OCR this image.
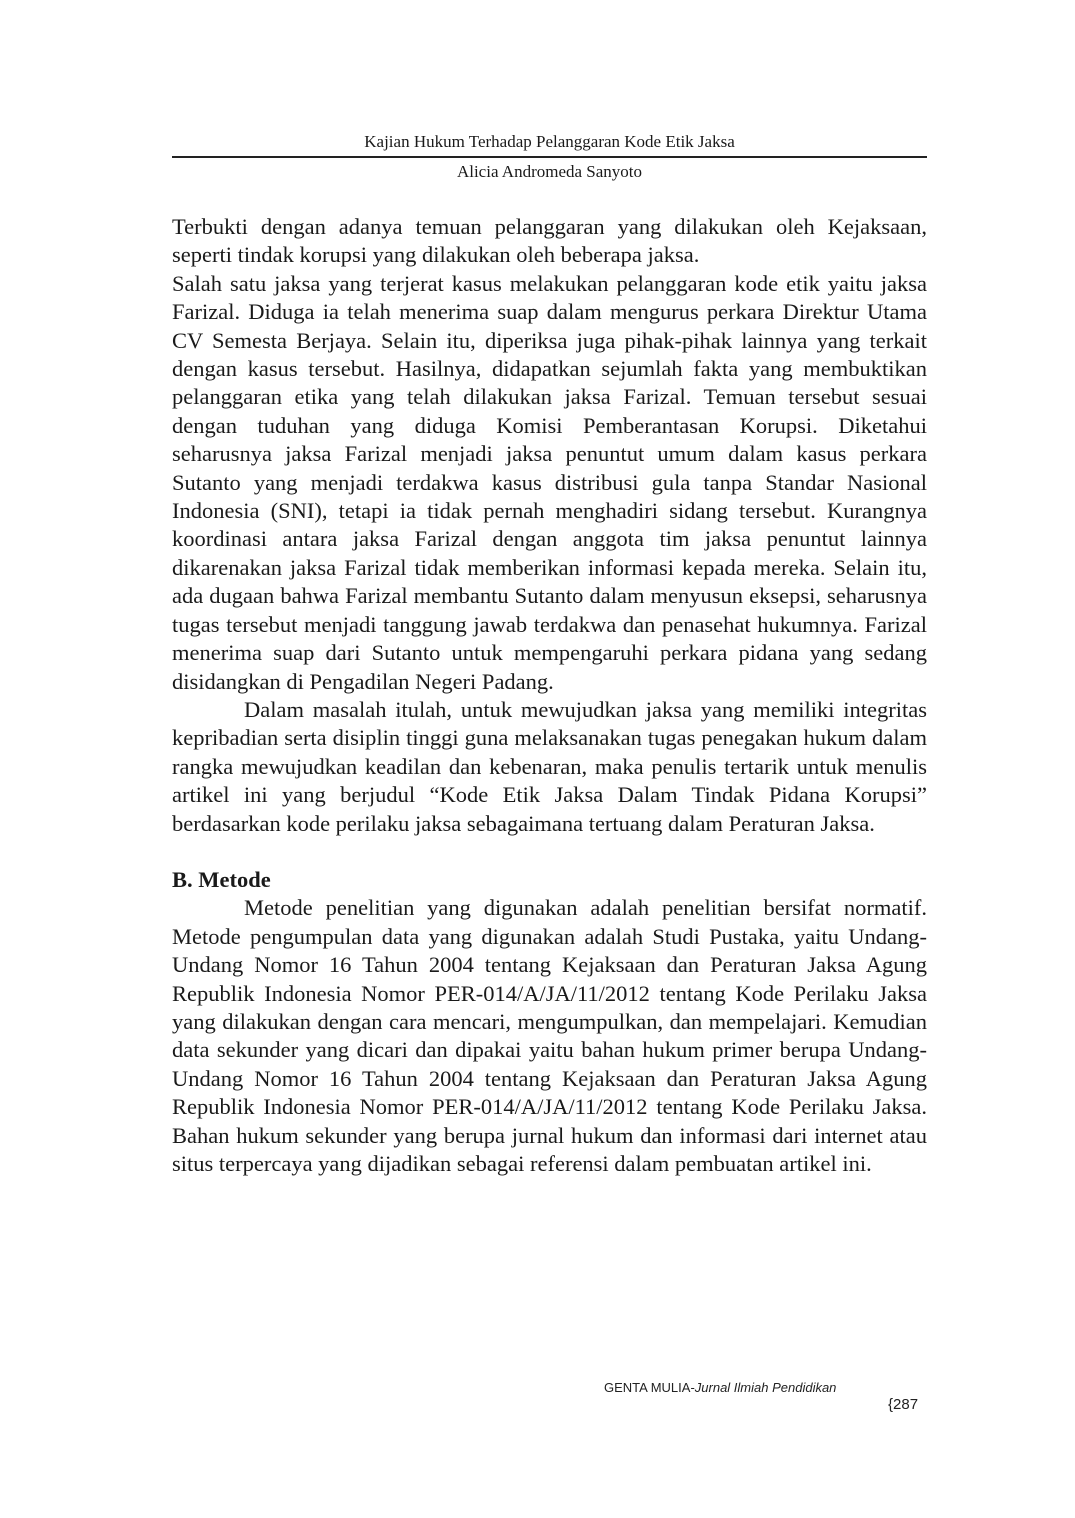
Kajian Hukum Terhadap Pelanggaran Kode Etik Jaksa
Alicia Andromeda Sanyoto

Terbukti dengan adanya temuan pelanggaran yang dilakukan oleh Kejaksaan, seperti tindak korupsi yang dilakukan oleh beberapa jaksa.

Salah satu jaksa yang terjerat kasus melakukan pelanggaran kode etik yaitu jaksa Farizal. Diduga ia telah menerima suap dalam mengurus perkara Direktur Utama CV Semesta Berjaya. Selain itu, diperiksa juga pihak-pihak lainnya yang terkait dengan kasus tersebut. Hasilnya, didapatkan sejumlah fakta yang membuktikan pelanggaran etika yang telah dilakukan jaksa Farizal. Temuan tersebut sesuai dengan tuduhan yang diduga Komisi Pemberantasan Korupsi. Diketahui seharusnya jaksa Farizal menjadi jaksa penuntut umum dalam kasus perkara Sutanto yang menjadi terdakwa kasus distribusi gula tanpa Standar Nasional Indonesia (SNI), tetapi ia tidak pernah menghadiri sidang tersebut. Kurangnya koordinasi antara jaksa Farizal dengan anggota tim jaksa penuntut lainnya dikarenakan jaksa Farizal tidak memberikan informasi kepada mereka. Selain itu, ada dugaan bahwa Farizal membantu Sutanto dalam menyusun eksepsi, seharusnya tugas tersebut menjadi tanggung jawab terdakwa dan penasehat hukumnya. Farizal menerima suap dari Sutanto untuk mempengaruhi perkara pidana yang sedang disidangkan di Pengadilan Negeri Padang.

Dalam masalah itulah, untuk mewujudkan jaksa yang memiliki integritas kepribadian serta disiplin tinggi guna melaksanakan tugas penegakan hukum dalam rangka mewujudkan keadilan dan kebenaran, maka penulis tertarik untuk menulis artikel ini yang berjudul “Kode Etik Jaksa Dalam Tindak Pidana Korupsi” berdasarkan kode perilaku jaksa sebagaimana tertuang dalam Peraturan Jaksa.

B. Metode

Metode penelitian yang digunakan adalah penelitian bersifat normatif. Metode pengumpulan data yang digunakan adalah Studi Pustaka, yaitu Undang-Undang Nomor 16 Tahun 2004 tentang Kejaksaan dan Peraturan Jaksa Agung Republik Indonesia Nomor PER-014/A/JA/11/2012 tentang Kode Perilaku Jaksa yang dilakukan dengan cara mencari, mengumpulkan, dan mempelajari. Kemudian data sekunder yang dicari dan dipakai yaitu bahan hukum primer berupa Undang-Undang Nomor 16 Tahun 2004 tentang Kejaksaan dan Peraturan Jaksa Agung Republik Indonesia Nomor PER-014/A/JA/11/2012 tentang Kode Perilaku Jaksa. Bahan hukum sekunder yang berupa jurnal hukum dan informasi dari internet atau situs terpercaya yang dijadikan sebagai referensi dalam pembuatan artikel ini.

GENTA MULIA-Jurnal Ilmiah Pendidikan
{287
